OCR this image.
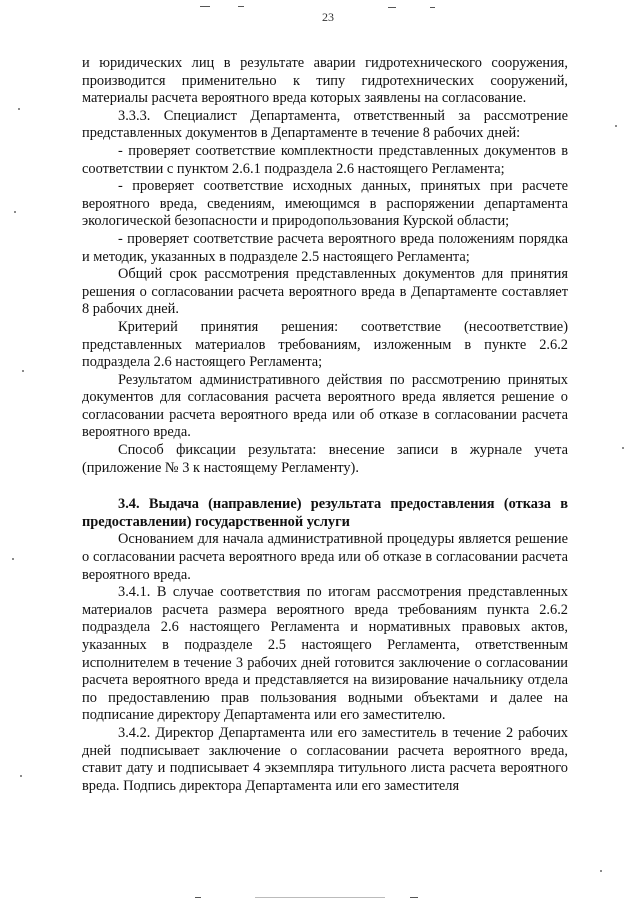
23

и юридических лиц в результате аварии гидротехнического сооружения, производится применительно к типу гидротехнических сооружений, материалы расчета вероятного вреда которых заявлены на согласование.

3.3.3. Специалист Департамента, ответственный за рассмотрение представленных документов в Департаменте в течение 8 рабочих дней:

- проверяет соответствие комплектности представленных документов в соответствии с пунктом 2.6.1 подраздела 2.6 настоящего Регламента;

- проверяет соответствие исходных данных, принятых при расчете вероятного вреда, сведениям, имеющимся в распоряжении департамента экологической безопасности и природопользования Курской области;

- проверяет соответствие расчета вероятного вреда положениям порядка и методик, указанных в подразделе 2.5 настоящего Регламента;

Общий срок рассмотрения представленных документов для принятия решения о согласовании расчета вероятного вреда в Департаменте составляет 8 рабочих дней.

Критерий принятия решения: соответствие (несоответствие) представленных материалов требованиям, изложенным в пункте 2.6.2 подраздела 2.6 настоящего Регламента;

Результатом административного действия по рассмотрению принятых документов для согласования расчета вероятного вреда является решение о согласовании расчета вероятного вреда или об отказе в согласовании расчета вероятного вреда.

Способ фиксации результата: внесение записи в журнале учета (приложение № 3 к настоящему Регламенту).

3.4. Выдача (направление) результата предоставления (отказа в предоставлении) государственной услуги

Основанием для начала административной процедуры является решение о согласовании расчета вероятного вреда или об отказе в согласовании расчета вероятного вреда.

3.4.1. В случае соответствия по итогам рассмотрения представленных материалов расчета размера вероятного вреда требованиям пункта 2.6.2 подраздела 2.6 настоящего Регламента и нормативных правовых актов, указанных в подразделе 2.5 настоящего Регламента, ответственным исполнителем в течение 3 рабочих дней готовится заключение о согласовании расчета вероятного вреда и представляется на визирование начальнику отдела по предоставлению прав пользования водными объектами и далее на подписание директору Департамента или его заместителю.

3.4.2. Директор Департамента или его заместитель в течение 2 рабочих дней подписывает заключение о согласовании расчета вероятного вреда, ставит дату и подписывает 4 экземпляра титульного листа расчета вероятного вреда. Подпись директора Департамента или его заместителя
